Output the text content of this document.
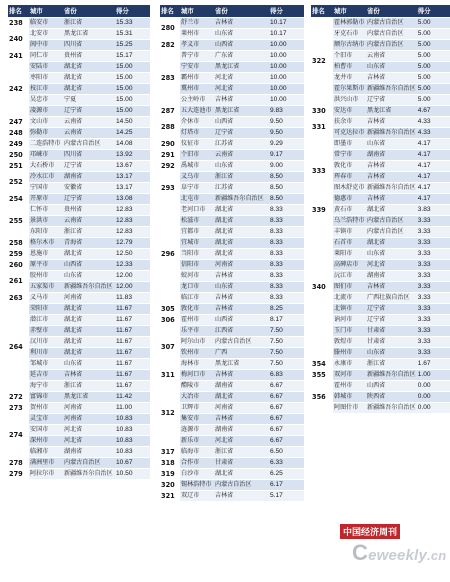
排名	城市	省份	得分
238	临安市	浙江省	15.33
240	北安市	黑龙江省	15.31
	阆中市	四川省	15.25
241	同仁市	贵州省	15.17
242	安陆市	湖北省	15.00
	枣阳市	湖北省	15.00
	枝江市	湖北省	15.00
	吴忠市	宁夏	15.00
	凌源市	辽宁省	15.00
247	文山市	云南省	14.50
248	弥勒市	云南省	14.25
249	二连浩特市	内蒙古自治区	14.08
250	邛崃市	四川省	13.92
251	大石桥市	辽宁省	13.67
252	冷水江市	湖南省	13.17
	宁国市	安徽省	13.17
254	开原市	辽宁省	13.08
255	仁怀市	贵州省	12.83
	景洪市	云南省	12.83
	东阳市	浙江省	12.83
258	格尔木市	青海省	12.79
259	恩施市	湖北省	12.50
260	原平市	山西省	12.33
261	胶州市	山东省	12.00
	五家渠市	新疆维吾尔自治区	12.00
263	义马市	河南省	11.83
264	荣阳市	湖北省	11.67
	潜江市	湖北省	11.67
	赤壁市	湖北省	11.67
	汉川市	湖北省	11.67
	利川市	湖北省	11.67
	邹城市	山东省	11.67
	延吉市	吉林省	11.67
	海宁市	浙江省	11.67
272	富锦市	黑龙江省	11.42
273	贺州市	河南省	11.00
274	灵宝市	河南省	10.83
	安国市	河北省	10.83
	深州市	河北省	10.83
	临湘市	湖南省	10.83
278	满洲里市	内蒙古自治区	10.67
279	阿拉尔市	新疆维吾尔自治区	10.50
排名	城市	省份	得分
280	舒兰市	吉林省	10.17
	莱州市	山东省	10.17
282	孝义市	山西省	10.00
283	普宁市	广东省	10.00
	宁安市	黑龙江省	10.00
	霸州市	河北省	10.00
	冀州市	河北省	10.00
	公主岭市	吉林省	10.00
287	五大连池市	黑龙江省	9.83
288	介休市	山西省	9.50
	灯塔市	辽宁省	9.50
290	仪征市	江苏省	9.29
291	个旧市	云南省	9.17
292	禹城市	山东省	9.00
293	义乌市	浙江省	8.50
	阜宁市	江苏省	8.50
	北屯市	新疆维吾尔自治区	8.50
296	老河口市	湖北省	8.33
	松滋市	湖北省	8.33
	宜都市	湖北省	8.33
	宜城市	湖北省	8.33
	当阳市	湖北省	8.33
	信阳市	河南省	8.33
	蛟河市	吉林省	8.33
	龙口市	山东省	8.33
	临江市	吉林省	8.33
305	敦化市	吉林省	8.25
306	霍州市	山西省	8.17
307	乐平市	江西省	7.50
	阿尔山市	内蒙古自治区	7.50
	钦州市	广西	7.50
	海林市	黑龙江省	7.50
311	梅河口市	吉林省	6.83
312	醴陵市	湖南省	6.67
	大冶市	湖北省	6.67
	卫辉市	河南省	6.67
	集安市	吉林省	6.67
	涟源市	湖南省	6.67
	新乐市	河北省	6.67
317	临海市	浙江省	6.50
318	合作市	甘肃省	6.33
319	白沙市	湖北省	6.25
320	锡林浩特市	内蒙古自治区	6.17
321	双辽市	吉林省	5.17
排名	城市	省份	得分
322	霍林郭勒市	内蒙古自治区	5.00
	牙克石市	内蒙古自治区	5.00
	额尔古纳市	内蒙古自治区	5.00
	个旧市	云南省	5.00
	柏曹市	山东省	5.00
	龙井市	吉林省	5.00
	霍尔果斯市	新疆维吾尔自治区	5.00
	洪兴山市	辽宁省	5.00
330	安达市	黑龙江省	4.67
331	扶余市	吉林省	4.33
	可克达拉市	新疆维吾尔自治区	4.33
333	即墨市	山东省	4.17
	常宁市	湖南省	4.17
	敦化市	吉林省	4.17
	珲春市	吉林省	4.17
	图木舒克市	新疆维吾尔自治区	4.17
	德惠市	吉林省	4.17
339	黄石市	湖北省	3.83
340	乌兰浩特市	内蒙古自治区	3.33
	丰镇市	内蒙古自治区	3.33
	石首市	湖北省	3.33
	莱阳市	山东省	3.33
	高碑店市	河北省	3.33
	沅江市	湖南省	3.33
	图们市	吉林省	3.33
	北流市	广西壮族自治区	3.33
	北镇市	辽宁省	3.33
	讷河市	辽宁省	3.33
	玉门市	甘肃省	3.33
	敦煌市	甘肃省	3.33
	滕州市	山东省	3.33
354	永康市	浙江省	1.67
355	双河市	新疆维吾尔自治区	1.00
356	霍州市	山西省	0.00
	韩城市	陕西省	0.00
	阿图什市	新疆维吾尔自治区	0.00
中国经济周刊
Ceweekly.cn
